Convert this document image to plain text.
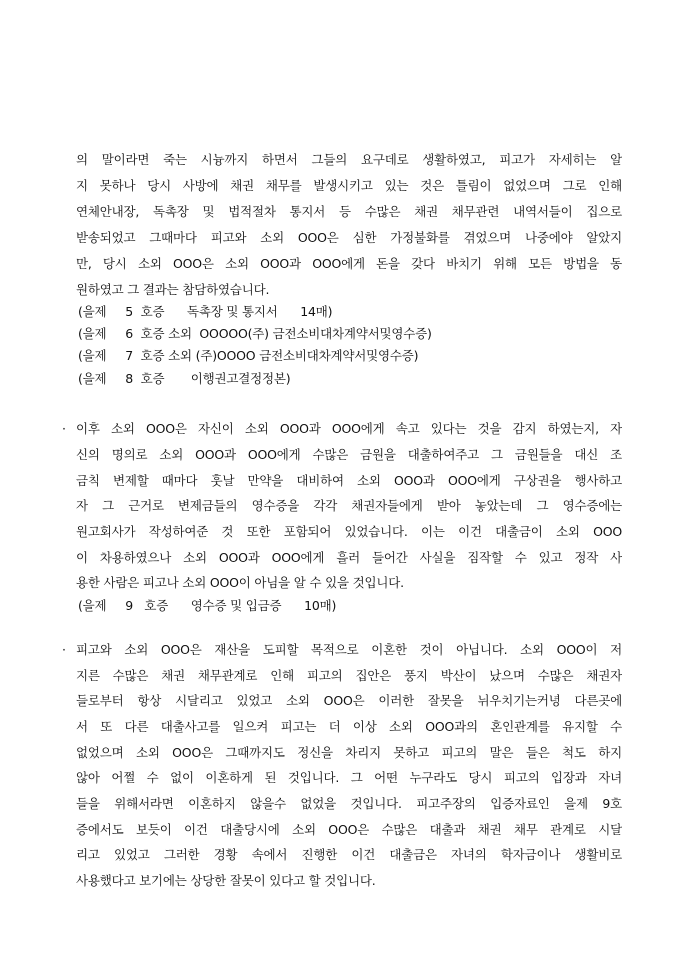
의 말이라면 죽는 시늉까지 하면서 그들의 요구데로 생활하였고, 피고가 자세히는 알
지 못하나 당시 사방에 채권 채무를 발생시키고 있는 것은 틀림이 없었으며 그로 인해
연체안내장, 독촉장 및 법적절차 통지서 등 수많은 채권 채무관련 내역서들이 집으로
받송되었고 그때마다 피고와 소외 OOO은 심한 가정불화를 겪었으며 나중에야 알았지
만, 당시 소외 OOO은 소외 OOO과 OOO에게 돈을 갖다 바치기 위해 모든 방법을 동
원하였고 그 결과는 참담하였습니다.
(을제     5  호증      독촉장 및 통지서      14매)
(을제     6  호증 소외  OOOOO(주) 금전소비대차계약서및영수증)
(을제     7  호증 소외 (주)OOOO 금전소비대차계약서및영수증)
(을제     8  호증       이행권고결정정본)
· 이후 소외 OOO은 자신이 소외 OOO과 OOO에게 속고 있다는 것을 감지 하였는지, 자
신의 명의로 소외 OOO과 OOO에게 수많은 금원을 대출하여주고 그 금원들을 대신 조
금칙 변제할 때마다 훗날 만약을 대비하여 소외 OOO과 OOO에게 구상권을 행사하고
자 그 근거로 변제금들의 영수증을 각각 채권자들에게 받아 놓았는데 그 영수증에는
원고회사가 작성하여준 것 또한 포함되어 있었습니다. 이는 이건 대출금이 소외 OOO
이 차용하였으나 소외 OOO과 OOO에게 흘러 들어간 사실을 짐작할 수 있고 정작 사
용한 사람은 피고나 소외 OOO이 아님을 알 수 있을 것입니다.
(을제     9   호증      영수증 및 입금증      10매)
· 피고와 소외 OOO은 재산을 도피할 목적으로 이혼한 것이 아닙니다. 소외 OOO이 저
지른 수많은 채권 채무관계로 인해 피고의 집안은 풍지 박산이 났으며 수많은 채권자
들로부터 항상 시달리고 있었고 소외 OOO은 이러한 잘못을 뉘우치기는커녕 다른곳에
서 또 다른 대출사고를 일으켜 피고는 더 이상 소외 OOO과의 혼인관계를 유지할 수
없었으며 소외 OOO은 그때까지도 정신을 차리지 못하고 피고의 말은 들은 척도 하지
않아 어쩔 수 없이 이혼하게 된 것입니다. 그 어떤 누구라도 당시 피고의 입장과 자녀
들을 위해서라면 이혼하지 않을수 없었을 것입니다. 피고주장의 입증자료인 을제 9호
증에서도 보듯이 이건 대출당시에 소외 OOO은 수많은 대출과 채권 채무 관계로 시달
리고 있었고 그러한 경황 속에서 진행한 이건 대출금은 자녀의 학자금이나 생활비로
사용했다고 보기에는 상당한 잘못이 있다고 할 것입니다.
